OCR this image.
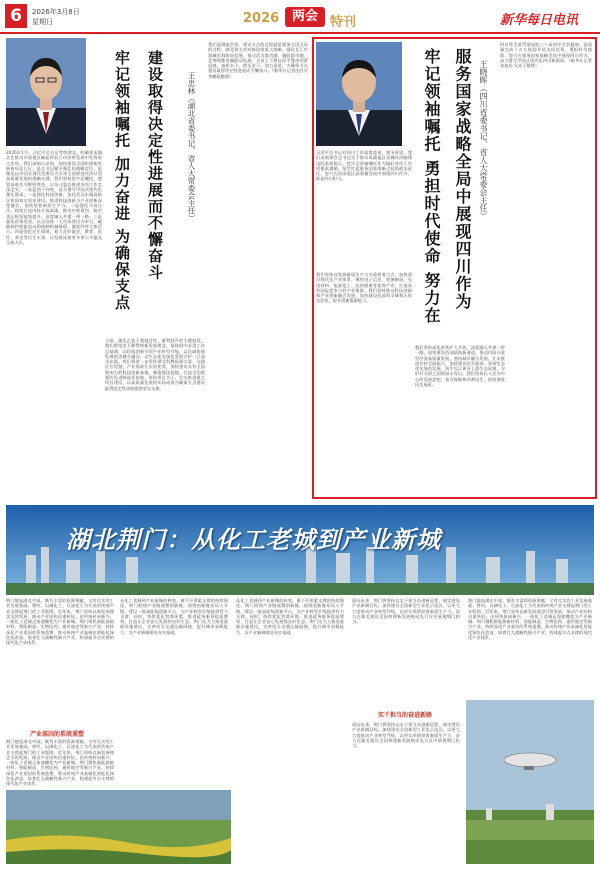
6	2026年3月8日
星期日	2026 两会 特刊	新华每日电讯
建设取得决定性进展而不懈奋斗
牢记领袖嘱托 加力奋进 为确保支点	王忠林（湖北省委书记、省人大常委会主任）
2026年1月，习近平总书记考察湖北，明确要求湖北在推动中部地区崛起和长江经济带发展中发挥更大作用。我们深刻认识到，加快建设全国构建新发展格局先行区，是总书记赋予湖北的战略定位，是湖北以中国式现代化建设为引领全面推进经济社会高质量发展的战略支撑。我们坚持把牢记嘱托、感恩奋进作为鲜明底色，以奋斗姿态推进各项工作走深走实，一张蓝图干到底，奋力谱写中国式现代化湖北篇章。一是强化科技创新。依托武汉东湖高新区和国家实验室建设，推进科技创新与产业创新深度融合，加快培育新质生产力。二是强化开放合作。持续打造内陆开放高地，推动中欧班列、航空货运枢纽能级提升，深度融入共建一带一路。三是强化改革攻坚。以全国统一大市场建设为牵引，破除制约要素流动的体制机制障碍，激发经营主体活力。四是强化民生保障，着力办好就业、教育、医疗、养老等民生实事，让发展成果更多更公平惠及全体人民。
当前，湖北正处于爬坡过坎、蓄势跃升的关键阶段。我们将坚定不移贯彻新发展理念，坚持稳中求进工作总基调，以科技创新引领产业转型升级，以区域协调发展促进城乡融合，以生态优先绿色发展守护一江清水东流。我们将进一步发挥湖北科教资源丰富、交通区位优越、产业基础扎实的优势，加快建设具有全国影响力的科技创新高地、制造强国高地，打造全国重要的先进制造业基地。坚持项目为王，扎实推进重大项目建设，以高质量发展的实际成效为确保支点建设取得决定性进展提供坚实支撑。
我们深刻体会到，建设支点的过程就是服务全国大局的过程。湖北将主动对接国家重大战略，强化长江中游城市群协同发展，推动武汉都市圈、襄阳都市圈、宜荆荆都市圈联动发展。全省上下将以时不我待的紧迫感，真抓实干、埋头苦干，加力奋进，为确保支点建设取得决定性进展而不懈奋斗。（新华社记者沈红兵 李鹏翔整理）	服务国家战略全局中展现四川作为
牢记领袖嘱托 勇担时代使命 努力在	王晓晖（四川省委书记、省人大常委会主任）
习近平总书记对四川工作高度重视，寄予厚望。我们深刻领会总书记关于推动成渝地区双城经济圈建设的重要指示，把牢记领袖嘱托作为做好各项工作的根本遵循，坚定扛起服务国家战略全局的政治责任，努力在西部地区高质量发展中展现四川作为、彰显四川担当。
我们坚持以发展新质生产力为重要着力点，加快建设现代化产业体系。聚焦电子信息、装备制造、先进材料、能源化工、医药健康等优势产业，打造具有国际竞争力的产业集群。我们坚持推动科技创新和产业创新融合发展，加快建设西部科学城和天府实验室，提升创新策源能力。
我们坚持深化改革扩大开放，深度融入共建一带一路，加快建设西部陆海新通道，推动内陆开放型经济高质量发展。坚持城乡融合发展，扎实推进乡村全面振兴，加快建设农业强省。坚持生态优先绿色发展，筑牢长江黄河上游生态屏障，守护好天府之国的绿水青山。我们坚持以人民为中心的发展思想，着力保障和改善民生，持续增进民生福祉。
四川将全面贯彻党的二十届四中全会精神，高质量完成十五五规划开局各项任务，勇担时代使命，努力在服务国家战略全局中展现四川作为，奋力谱写中国式现代化四川新篇章。（新华社记者张旭东 吴光于整理）
湖北荆门：从化工老城到产业新城
荆门地处湖北中部，既有丰富的资源禀赋，又有扎实的工业发展基础。曾经，以磷化工、石油化工为代表的传统产业支撑起荆门的工业版图。近年来，荆门坚持以新发展理念引领发展，推动产业结构由重转轻、由传统转向新兴，一座化工老城正加速蝶变为产业新城。荆门聚焦新能源新材料、智能制造、生物医药、通用航空等新兴产业，持续深化产业基因的系统重塑，推动传统产业高端化智能化绿色化改造，培育壮大战略性新兴产业，构建起多点支撑的现代化产业体系。
产业基因的系统重塑
荆门地处湖北中部，既有丰富的资源禀赋，又有扎实的工业发展基础。曾经，以磷化工、石油化工为代表的传统产业支撑起荆门的工业版图。近年来，荆门坚持以新发展理念引领发展，推动产业结构由重转轻、由传统转向新兴，一座化工老城正加速蝶变为产业新城。荆门聚焦新能源新材料、智能制造、生物医药、通用航空等新兴产业，持续深化产业基因的系统重塑，推动传统产业高端化智能化绿色化改造，培育壮大战略性新兴产业，构建起多点支撑的现代化产业体系。
从化工老城到产业新城的转变，离不开要素支撑的持续强化。荆门围绕产业链部署创新链，围绕创新链布局人才链，建设一批高能级创新平台，为产业转型升级提供有力支撑。同时，持续优化营商环境，推进政务服务提质增效，打造让企业安心发展的良好生态。荆门还大力推进基础设施建设，完善综合交通运输网络，提升城市承载能力，为产业新城建设夯实基础。
从化工老城到产业新城的转变，离不开要素支撑的持续强化。荆门围绕产业链部署创新链，围绕创新链布局人才链，建设一批高能级创新平台，为产业转型升级提供有力支撑。同时，持续优化营商环境，推进政务服务提质增效，打造让企业安心发展的良好生态。荆门还大力推进基础设施建设，完善综合交通运输网络，提升城市承载能力，为产业新城建设夯实基础。
面向未来，荆门将坚持以实干担当奋进新征程，锚定建设产业新城目标，加快建设全国新型工业化示范区，以更大力度推动产业转型升级，以更实举措培育新质生产力，奋力在湖北建设全国构建新发展格局先行区中展现荆门担当。
实干担当的奋进新路
面向未来，荆门将坚持以实干担当奋进新征程，锚定建设产业新城目标，加快建设全国新型工业化示范区，以更大力度推动产业转型升级，以更实举措培育新质生产力，奋力在湖北建设全国构建新发展格局先行区中展现荆门担当。
荆门地处湖北中部，既有丰富的资源禀赋，又有扎实的工业发展基础。曾经，以磷化工、石油化工为代表的传统产业支撑起荆门的工业版图。近年来，荆门坚持以新发展理念引领发展，推动产业结构由重转轻、由传统转向新兴，一座化工老城正加速蝶变为产业新城。荆门聚焦新能源新材料、智能制造、生物医药、通用航空等新兴产业，持续深化产业基因的系统重塑，推动传统产业高端化智能化绿色化改造，培育壮大战略性新兴产业，构建起多点支撑的现代化产业体系。
